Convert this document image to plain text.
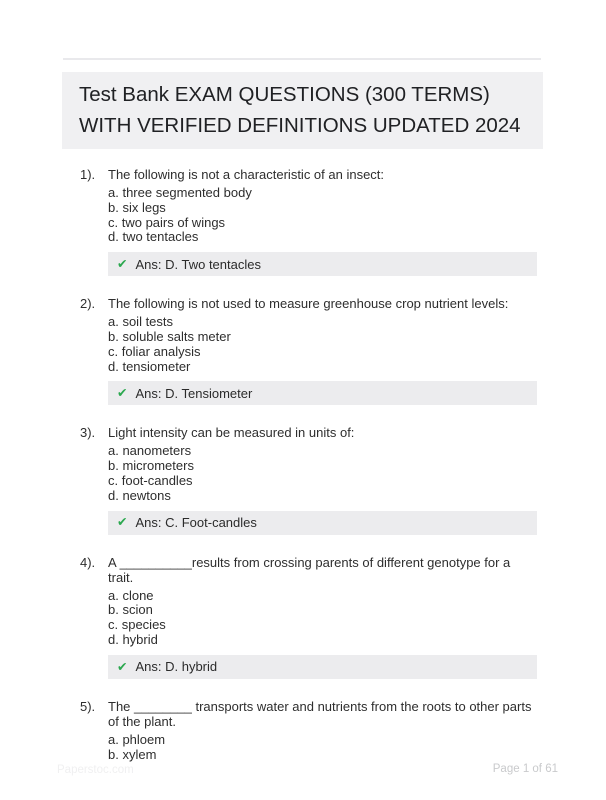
Test Bank EXAM QUESTIONS (300 TERMS) WITH VERIFIED DEFINITIONS UPDATED 2024
1). The following is not a characteristic of an insect:
a. three segmented body
b. six legs
c. two pairs of wings
d. two tentacles
✔ Ans: D. Two tentacles
2). The following is not used to measure greenhouse crop nutrient levels:
a. soil tests
b. soluble salts meter
c. foliar analysis
d. tensiometer
✔ Ans: D. Tensiometer
3). Light intensity can be measured in units of:
a. nanometers
b. micrometers
c. foot-candles
d. newtons
✔ Ans: C. Foot-candles
4). A __________results from crossing parents of different genotype for a trait.
a. clone
b. scion
c. species
d. hybrid
✔ Ans: D. hybrid
5). The ________ transports water and nutrients from the roots to other parts of the plant.
a. phloem
b. xylem
Paperstoc.com	Page 1 of 61
